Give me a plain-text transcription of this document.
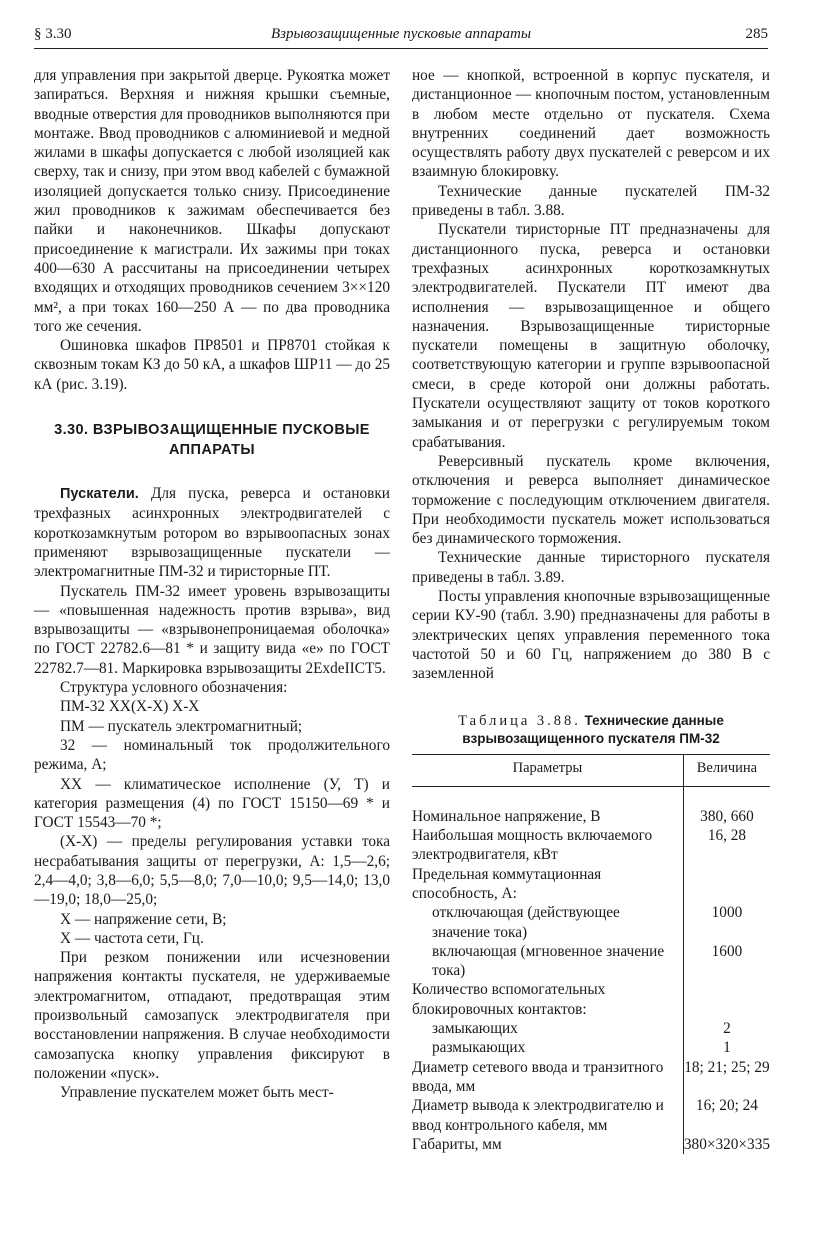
§ 3.30	Взрывозащищенные пусковые аппараты	285

для управления при закрытой дверце. Рукоятка может запираться. Верхняя и нижняя крышки съемные, вводные отверстия для проводников выполняются при монтаже. Ввод проводников с алюминиевой и медной жилами в шкафы допускается с любой изоляцией как сверху, так и снизу, при этом ввод кабелей с бумажной изоляцией допускается только снизу. Присоединение жил проводников к зажимам обеспечивается без пайки и наконечников. Шкафы допускают присоединение к магистрали. Их зажимы при токах 400—630 А рассчитаны на присоединении четырех входящих и отходящих проводников сечением 3××120 мм², а при токах 160—250 А — по два проводника того же сечения.

Ошиновка шкафов ПР8501 и ПР8701 стойкая к сквозным токам КЗ до 50 кА, а шкафов ШР11 — до 25 кА (рис. 3.19).

3.30. ВЗРЫВОЗАЩИЩЕННЫЕ ПУСКОВЫЕ АППАРАТЫ

Пускатели. Для пуска, реверса и остановки трехфазных асинхронных электродвигателей с короткозамкнутым ротором во взрывоопасных зонах применяют взрывозащищенные пускатели — электромагнитные ПМ-32 и тиристорные ПТ.

Пускатель ПМ-32 имеет уровень взрывозащиты — «повышенная надежность против взрыва», вид взрывозащиты — «взрывонепроницаемая оболочка» по ГОСТ 22782.6—81 * и защиту вида «е» по ГОСТ 22782.7—81. Маркировка взрывозащиты 2ExdeIIСТ5.

Структура условного обозначения:

ПМ-32 XX(X-X) X-X

ПМ — пускатель электромагнитный;

32 — номинальный ток продолжительного режима, А;

XX — климатическое исполнение (У, Т) и категория размещения (4) по ГОСТ 15150—69 * и ГОСТ 15543—70 *;

(X-X) — пределы регулирования уставки тока несрабатывания защиты от перегрузки, А: 1,5—2,6; 2,4—4,0; 3,8—6,0; 5,5—8,0; 7,0—10,0; 9,5—14,0; 13,0—19,0; 18,0—25,0;

X — напряжение сети, В;

X — частота сети, Гц.

При резком понижении или исчезновении напряжения контакты пускателя, не удерживаемые электромагнитом, отпадают, предотвращая этим произвольный самозапуск электродвигателя при восстановлении напряжения. В случае необходимости самозапуска кнопку управления фиксируют в положении «пуск».

Управление пускателем может быть мест-

ное — кнопкой, встроенной в корпус пускателя, и дистанционное — кнопочным постом, установленным в любом месте отдельно от пускателя. Схема внутренних соединений дает возможность осуществлять работу двух пускателей с реверсом и их взаимную блокировку.

Технические данные пускателей ПМ-32 приведены в табл. 3.88.

Пускатели тиристорные ПТ предназначены для дистанционного пуска, реверса и остановки трехфазных асинхронных короткозамкнутых электродвигателей. Пускатели ПТ имеют два исполнения — взрывозащищенное и общего назначения. Взрывозащищенные тиристорные пускатели помещены в защитную оболочку, соответствующую категории и группе взрывоопасной смеси, в среде которой они должны работать. Пускатели осуществляют защиту от токов короткого замыкания и от перегрузки с регулируемым током срабатывания.

Реверсивный пускатель кроме включения, отключения и реверса выполняет динамическое торможение с последующим отключением двигателя. При необходимости пускатель может использоваться без динамического торможения.

Технические данные тиристорного пускателя приведены в табл. 3.89.

Посты управления кнопочные взрывозащищенные серии КУ-90 (табл. 3.90) предназначены для работы в электрических цепях управления переменного тока частотой 50 и 60 Гц, напряжением до 380 В с заземленной

Таблица 3.88. Технические данные взрывозащищенного пускателя ПМ-32
Параметры	Величина
Номинальное напряжение, В	380, 660
Наибольшая мощность включаемого электродвигателя, кВт	16, 28
Предельная коммутационная способность, А:	
отключающая (действующее значение тока)	1000
включающая (мгновенное значение тока)	1600
Количество вспомогательных блокировочных контактов:	
замыкающих	2
размыкающих	1
Диаметр сетевого ввода и транзитного ввода, мм	18; 21; 25; 29
Диаметр вывода к электродвигателю и ввод контрольного кабеля, мм	16; 20; 24
Габариты, мм	380×320×335
